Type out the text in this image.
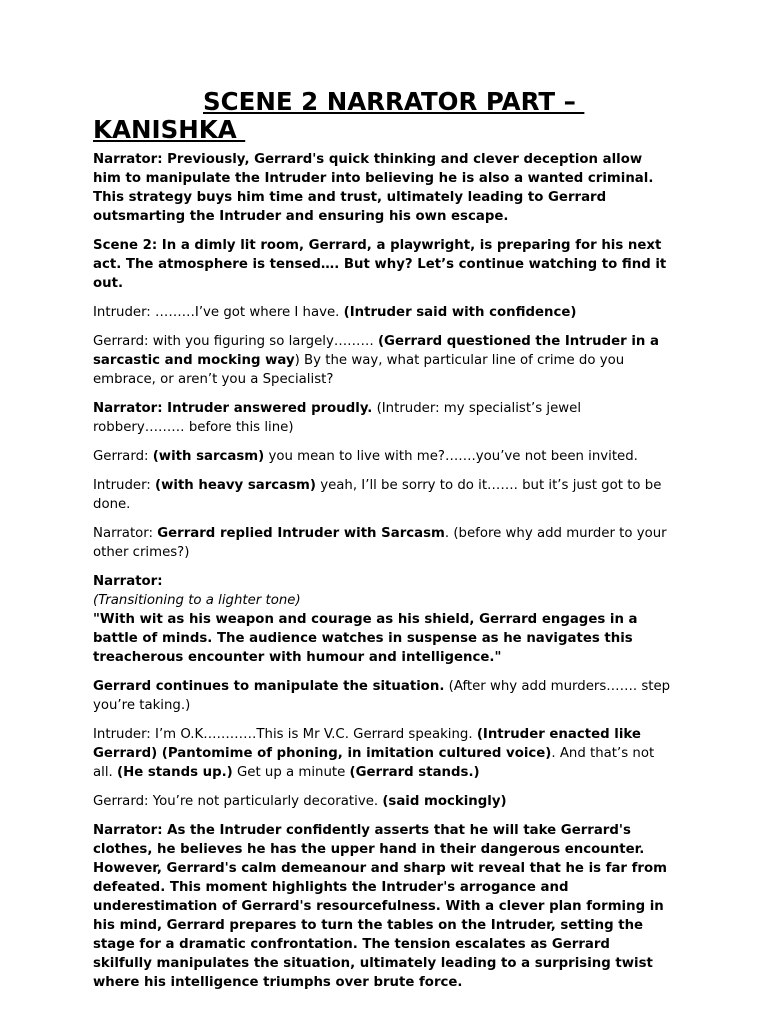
SCENE 2 NARRATOR PART –
KANISHKA

Narrator: Previously, Gerrard's quick thinking and clever deception allow him to manipulate the Intruder into believing he is also a wanted criminal. This strategy buys him time and trust, ultimately leading to Gerrard outsmarting the Intruder and ensuring his own escape.

Scene 2: In a dimly lit room, Gerrard, a playwright, is preparing for his next act. The atmosphere is tensed…. But why? Let’s continue watching to find it out.

Intruder: ………I’ve got where I have. (Intruder said with confidence)

Gerrard: with you figuring so largely……… (Gerrard questioned the Intruder in a sarcastic and mocking way) By the way, what particular line of crime do you embrace, or aren’t you a Specialist?

Narrator: Intruder answered proudly. (Intruder: my specialist’s jewel robbery……… before this line)

Gerrard: (with sarcasm) you mean to live with me?…….you’ve not been invited.

Intruder: (with heavy sarcasm) yeah, I’ll be sorry to do it……. but it’s just got to be done.

Narrator: Gerrard replied Intruder with Sarcasm. (before why add murder to your other crimes?)

Narrator:
(Transitioning to a lighter tone)
"With wit as his weapon and courage as his shield, Gerrard engages in a battle of minds. The audience watches in suspense as he navigates this treacherous encounter with humour and intelligence."

Gerrard continues to manipulate the situation. (After why add murders……. step you’re taking.)

Intruder: I’m O.K…………This is Mr V.C. Gerrard speaking. (Intruder enacted like Gerrard) (Pantomime of phoning, in imitation cultured voice). And that’s not all. (He stands up.) Get up a minute (Gerrard stands.)

Gerrard: You’re not particularly decorative. (said mockingly)

Narrator: As the Intruder confidently asserts that he will take Gerrard's clothes, he believes he has the upper hand in their dangerous encounter. However, Gerrard's calm demeanour and sharp wit reveal that he is far from defeated. This moment highlights the Intruder's arrogance and underestimation of Gerrard's resourcefulness. With a clever plan forming in his mind, Gerrard prepares to turn the tables on the Intruder, setting the stage for a dramatic confrontation. The tension escalates as Gerrard skilfully manipulates the situation, ultimately leading to a surprising twist where his intelligence triumphs over brute force.
